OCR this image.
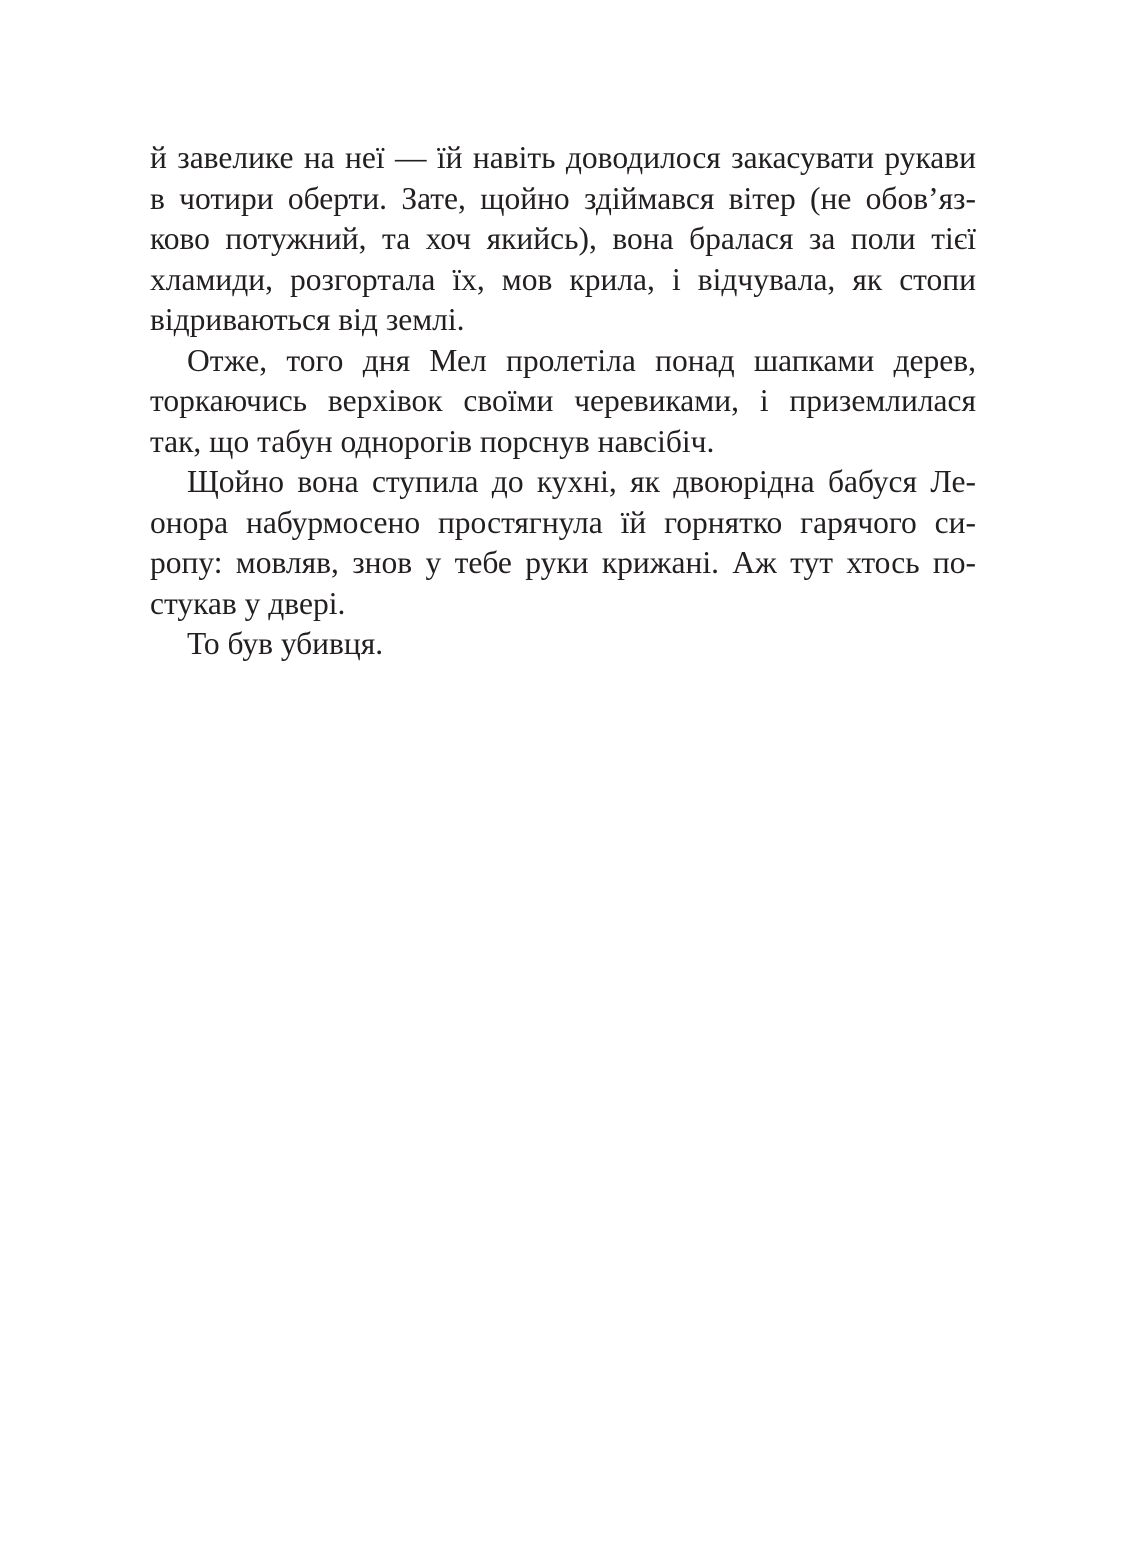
й завелике на неї — їй навіть доводилося закасувати рукави
в чотири оберти. Зате, щойно здіймався вітер (не обов’яз-
ково потужний, та хоч якийсь), вона бралася за поли тієї
хламиди, розгортала їх, мов крила, і відчувала, як стопи
відриваються від землі.
Отже, того дня Мел пролетіла понад шапками дерев,
торкаючись верхівок своїми черевиками, і приземлилася
так, що табун однорогів порснув навсібіч.
Щойно вона ступила до кухні, як двоюрідна бабуся Ле-
онора набурмосено простягнула їй горнятко гарячого си-
ропу: мовляв, знов у тебе руки крижані. Аж тут хтось по-
стукав у двері.
То був убивця.
